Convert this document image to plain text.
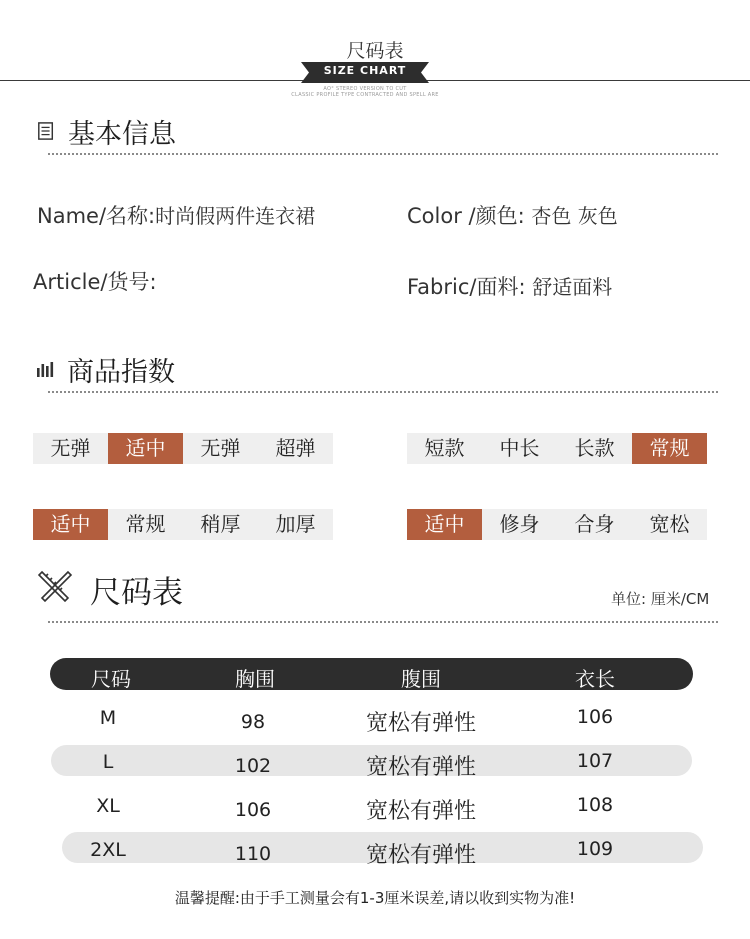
尺码表
SIZE CHART
AO° STEREO VERSION TO CUT
CLASSIC PROFILE TYPE CONTRACTED AND SPELL ARE
基本信息
Name/名称:时尚假两件连衣裙	Color /颜色: 杏色 灰色
Article/货号:	Fabric/面料: 舒适面料
商品指数
无弹	适中	无弹	超弹	短款	中长	长款	常规
适中	常规	稍厚	加厚	适中	修身	合身	宽松
尺码表	单位: 厘米/CM
尺码	胸围	腹围	衣长
M	98	宽松有弹性	106
L	102	宽松有弹性	107
XL	106	宽松有弹性	108
2XL	110	宽松有弹性	109
温馨提醒:由于手工测量会有1-3厘米误差,请以收到实物为准!
